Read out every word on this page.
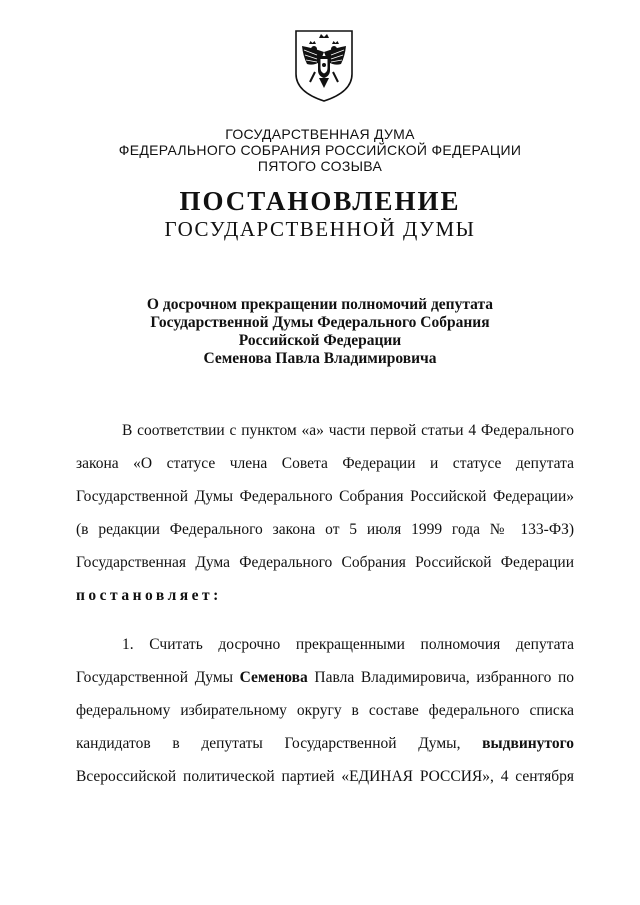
ГОСУДАРСТВЕННАЯ ДУМА
ФЕДЕРАЛЬНОГО СОБРАНИЯ РОССИЙСКОЙ ФЕДЕРАЦИИ
ПЯТОГО СОЗЫВА
ПОСТАНОВЛЕНИЕ
ГОСУДАРСТВЕННОЙ ДУМЫ
О досрочном прекращении полномочий депутата
Государственной Думы Федерального Собрания
Российской Федерации
Семенова Павла Владимировича
В соответствии с пунктом «а» части первой статьи 4 Федерального
закона «О статусе члена Совета Федерации и статусе депутата
Государственной Думы Федерального Собрания Российской Федерации»
(в редакции Федерального закона от 5 июля 1999 года № 133-ФЗ)
Государственная Дума Федерального Собрания Российской Федерации
постановляет:
1. Считать досрочно прекращенными полномочия депутата
Государственной Думы Семенова Павла Владимировича, избранного по
федеральному избирательному округу в составе федерального списка
кандидатов в депутаты Государственной Думы, выдвинутого
Всероссийской политической партией «ЕДИНАЯ РОССИЯ», 4 сентября
